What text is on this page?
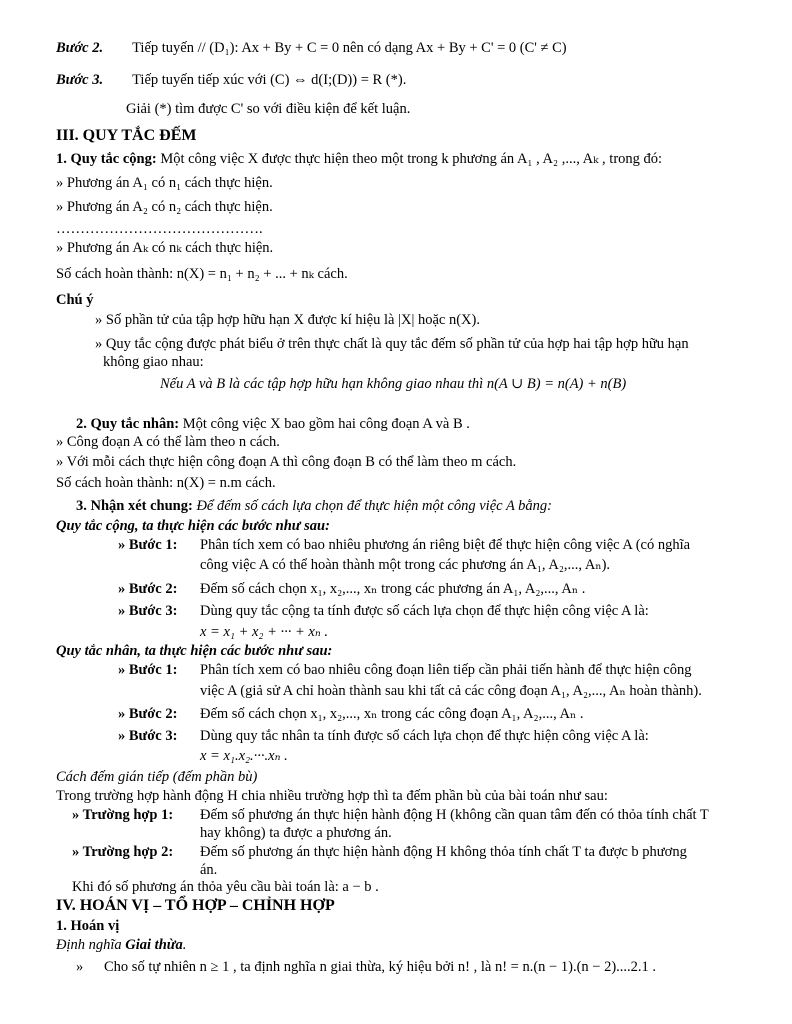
Bước 2. Tiếp tuyến // (D₁): Ax + By + C = 0 nên có dạng Ax + By + C' = 0 (C' ≠ C)
Bước 3. Tiếp tuyến tiếp xúc với (C) ⇔ d(I;(D)) = R (*).
Giải (*) tìm được C' so với điều kiện để kết luận.
III. QUY TẮC ĐẾM
1. Quy tắc cộng: Một công việc X được thực hiện theo một trong k phương án A₁ , A₂ ,..., Aₖ , trong đó:
» Phương án A₁ có n₁ cách thực hiện.
» Phương án A₂ có n₂ cách thực hiện.
…………………………………….
» Phương án Aₖ có nₖ cách thực hiện.
Số cách hoàn thành: n(X) = n₁ + n₂ + ... + nₖ cách.
Chú ý
» Số phần tử của tập hợp hữu hạn X được kí hiệu là |X| hoặc n(X).
» Quy tắc cộng được phát biểu ở trên thực chất là quy tắc đếm số phần tử của hợp hai tập hợp hữu hạn
không giao nhau:
Nếu A và B là các tập hợp hữu hạn không giao nhau thì n(A ∪ B) = n(A) + n(B)
2. Quy tắc nhân: Một công việc X bao gồm hai công đoạn A và B .
» Công đoạn A có thể làm theo n cách.
» Với mỗi cách thực hiện công đoạn A thì công đoạn B có thể làm theo m cách.
Số cách hoàn thành: n(X) = n.m cách.
3. Nhận xét chung: Để đếm số cách lựa chọn để thực hiện một công việc A bằng:
Quy tắc cộng, ta thực hiện các bước như sau:
» Bước 1: Phân tích xem có bao nhiêu phương án riêng biệt để thực hiện công việc A (có nghĩa
công việc A có thể hoàn thành một trong các phương án A₁, A₂,..., Aₙ).
» Bước 2: Đếm số cách chọn x₁, x₂,..., xₙ trong các phương án A₁, A₂,..., Aₙ .
» Bước 3: Dùng quy tắc cộng ta tính được số cách lựa chọn để thực hiện công việc A là:
x = x₁ + x₂ + ··· + xₙ .
Quy tắc nhân, ta thực hiện các bước như sau:
» Bước 1: Phân tích xem có bao nhiêu công đoạn liên tiếp cần phải tiến hành để thực hiện công
việc A (giả sử A chỉ hoàn thành sau khi tất cả các công đoạn A₁, A₂,..., Aₙ hoàn thành).
» Bước 2: Đếm số cách chọn x₁, x₂,..., xₙ trong các công đoạn A₁, A₂,..., Aₙ .
» Bước 3: Dùng quy tắc nhân ta tính được số cách lựa chọn để thực hiện công việc A là:
x = x₁.x₂.···.xₙ .
Cách đếm gián tiếp (đếm phần bù)
Trong trường hợp hành động H chia nhiều trường hợp thì ta đếm phần bù của bài toán như sau:
» Trường hợp 1: Đếm số phương án thực hiện hành động H (không cần quan tâm đến có thỏa tính chất T
hay không) ta được a phương án.
» Trường hợp 2: Đếm số phương án thực hiện hành động H không thỏa tính chất T ta được b phương
án.
Khi đó số phương án thỏa yêu cầu bài toán là: a − b .
IV. HOÁN VỊ – TỔ HỢP – CHỈNH HỢP
1. Hoán vị
Định nghĩa Giai thừa.
» Cho số tự nhiên n ≥ 1 , ta định nghĩa n giai thừa, ký hiệu bởi n! , là n! = n.(n − 1).(n − 2)....2.1 .
